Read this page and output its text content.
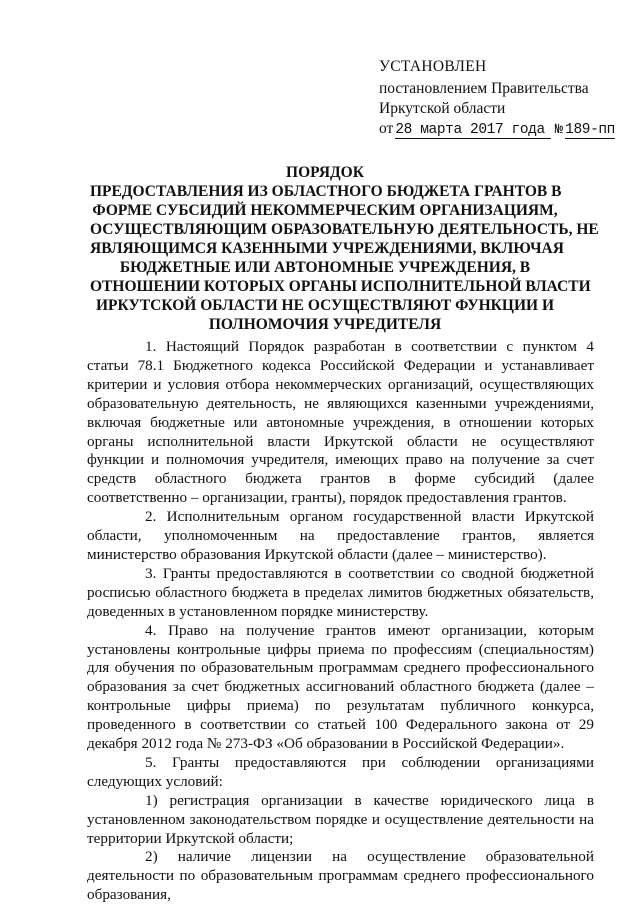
УСТАНОВЛЕН
постановлением Правительства
Иркутской области
от 28 марта 2017 года № 189-пп
ПОРЯДОК
ПРЕДОСТАВЛЕНИЯ ИЗ ОБЛАСТНОГО БЮДЖЕТА ГРАНТОВ В
ФОРМЕ СУБСИДИЙ НЕКОММЕРЧЕСКИМ ОРГАНИЗАЦИЯМ,
ОСУЩЕСТВЛЯЮЩИМ ОБРАЗОВАТЕЛЬНУЮ ДЕЯТЕЛЬНОСТЬ, НЕ
ЯВЛЯЮЩИМСЯ КАЗЕННЫМИ УЧРЕЖДЕНИЯМИ, ВКЛЮЧАЯ
БЮДЖЕТНЫЕ ИЛИ АВТОНОМНЫЕ УЧРЕЖДЕНИЯ, В
ОТНОШЕНИИ КОТОРЫХ ОРГАНЫ ИСПОЛНИТЕЛЬНОЙ ВЛАСТИ
ИРКУТСКОЙ ОБЛАСТИ НЕ ОСУЩЕСТВЛЯЮТ ФУНКЦИИ И
ПОЛНОМОЧИЯ УЧРЕДИТЕЛЯ

1. Настоящий Порядок разработан в соответствии с пунктом 4 статьи 78.1 Бюджетного кодекса Российской Федерации и устанавливает критерии и условия отбора некоммерческих организаций, осуществляющих образовательную деятельность, не являющихся казенными учреждениями, включая бюджетные или автономные учреждения, в отношении которых органы исполнительной власти Иркутской области не осуществляют функции и полномочия учредителя, имеющих право на получение за счет средств областного бюджета грантов в форме субсидий (далее соответственно – организации, гранты), порядок предоставления грантов.

2. Исполнительным органом государственной власти Иркутской области, уполномоченным на предоставление грантов, является министерство образования Иркутской области (далее – министерство).

3. Гранты предоставляются в соответствии со сводной бюджетной росписью областного бюджета в пределах лимитов бюджетных обязательств, доведенных в установленном порядке министерству.

4. Право на получение грантов имеют организации, которым установлены контрольные цифры приема по профессиям (специальностям) для обучения по образовательным программам среднего профессионального образования за счет бюджетных ассигнований областного бюджета (далее – контрольные цифры приема) по результатам публичного конкурса, проведенного в соответствии со статьей 100 Федерального закона от 29 декабря 2012 года № 273-ФЗ «Об образовании в Российской Федерации».

5. Гранты предоставляются при соблюдении организациями следующих условий:

1) регистрация организации в качестве юридического лица в установленном законодательством порядке и осуществление деятельности на территории Иркутской области;

2) наличие лицензии на осуществление образовательной деятельности по образовательным программам среднего профессионального образования,
